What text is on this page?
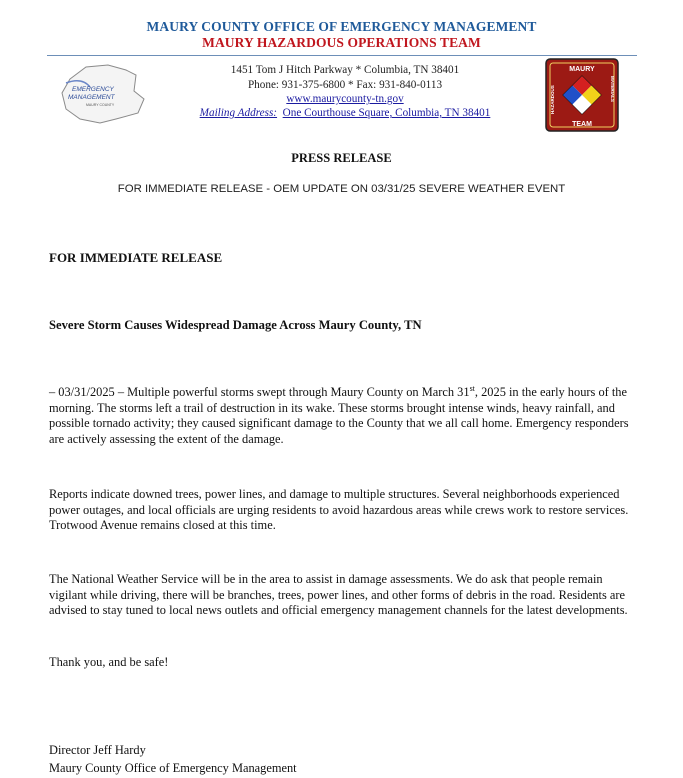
MAURY COUNTY OFFICE OF EMERGENCY MANAGEMENT
MAURY HAZARDOUS OPERATIONS TEAM
EMERGENCY
MANAGEMENT
MAURY COUNTY
1451 Tom J Hitch Parkway * Columbia, TN 38401
Phone: 931-375-6800 * Fax: 931-840-0113
www.maurycounty-tn.gov
Mailing Address: One Courthouse Square, Columbia, TN 38401
MAURY
HAZARDOUS	MATERIALS
TEAM
PRESS RELEASE
FOR IMMEDIATE RELEASE - OEM UPDATE ON 03/31/25 SEVERE WEATHER EVENT
FOR IMMEDIATE RELEASE
Severe Storm Causes Widespread Damage Across Maury County, TN

– 03/31/2025 – Multiple powerful storms swept through Maury County on March 31st, 2025 in the early hours of the morning. The storms left a trail of destruction in its wake. These storms brought intense winds, heavy rainfall, and possible tornado activity; they caused significant damage to the County that we all call home. Emergency responders are actively assessing the extent of the damage.

Reports indicate downed trees, power lines, and damage to multiple structures. Several neighborhoods experienced power outages, and local officials are urging residents to avoid hazardous areas while crews work to restore services. Trotwood Avenue remains closed at this time.

The National Weather Service will be in the area to assist in damage assessments. We do ask that people remain vigilant while driving, there will be branches, trees, power lines, and other forms of debris in the road. Residents are advised to stay tuned to local news outlets and official emergency management channels for the latest developments.

Thank you, and be safe!

Director Jeff Hardy
Maury County Office of Emergency Management
